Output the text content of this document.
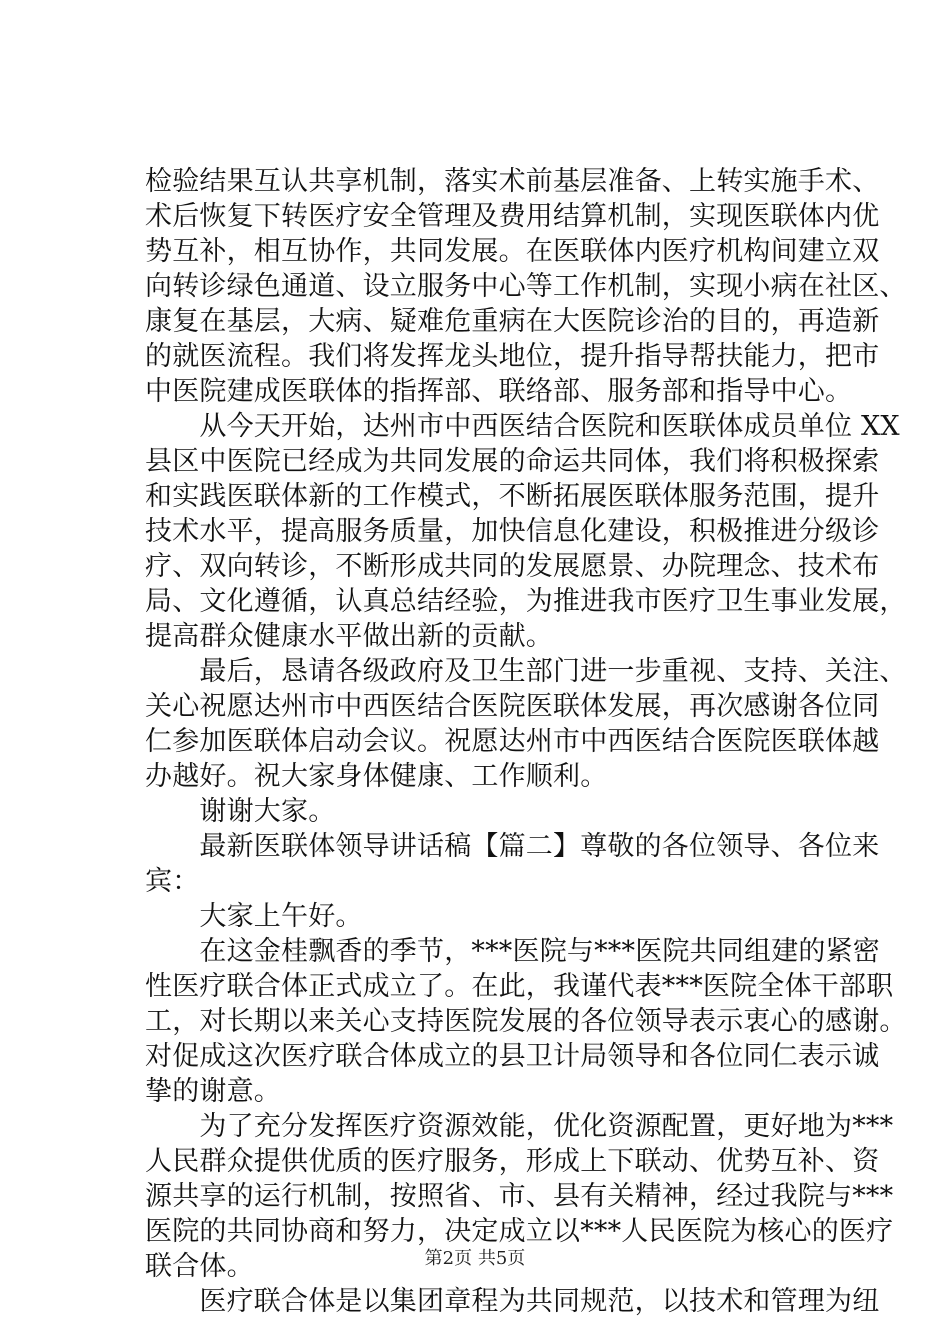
检验结果互认共享机制，落实术前基层准备、上转实施手术、
术后恢复下转医疗安全管理及费用结算机制，实现医联体内优
势互补，相互协作，共同发展。在医联体内医疗机构间建立双
向转诊绿色通道、设立服务中心等工作机制，实现小病在社区、
康复在基层，大病、疑难危重病在大医院诊治的目的，再造新
的就医流程。我们将发挥龙头地位，提升指导帮扶能力，把市
中医院建成医联体的指挥部、联络部、服务部和指导中心。
　　从今天开始，达州市中西医结合医院和医联体成员单位 XX
县区中医院已经成为共同发展的命运共同体，我们将积极探索
和实践医联体新的工作模式，不断拓展医联体服务范围，提升
技术水平，提高服务质量，加快信息化建设，积极推进分级诊
疗、双向转诊，不断形成共同的发展愿景、办院理念、技术布
局、文化遵循，认真总结经验，为推进我市医疗卫生事业发展，
提高群众健康水平做出新的贡献。
　　最后，恳请各级政府及卫生部门进一步重视、支持、关注、
关心祝愿达州市中西医结合医院医联体发展，再次感谢各位同
仁参加医联体启动会议。祝愿达州市中西医结合医院医联体越
办越好。祝大家身体健康、工作顺利。
　　谢谢大家。
　　最新医联体领导讲话稿【篇二】尊敬的各位领导、各位来
宾：
　　大家上午好。
　　在这金桂飘香的季节，***医院与***医院共同组建的紧密
性医疗联合体正式成立了。在此，我谨代表***医院全体干部职
工，对长期以来关心支持医院发展的各位领导表示衷心的感谢。
对促成这次医疗联合体成立的县卫计局领导和各位同仁表示诚
挚的谢意。
　　为了充分发挥医疗资源效能，优化资源配置，更好地为***
人民群众提供优质的医疗服务，形成上下联动、优势互补、资
源共享的运行机制，按照省、市、县有关精神，经过我院与***
医院的共同协商和努力，决定成立以***人民医院为核心的医疗
联合体。
　　医疗联合体是以集团章程为共同规范，以技术和管理为纽
第2页 共5页
